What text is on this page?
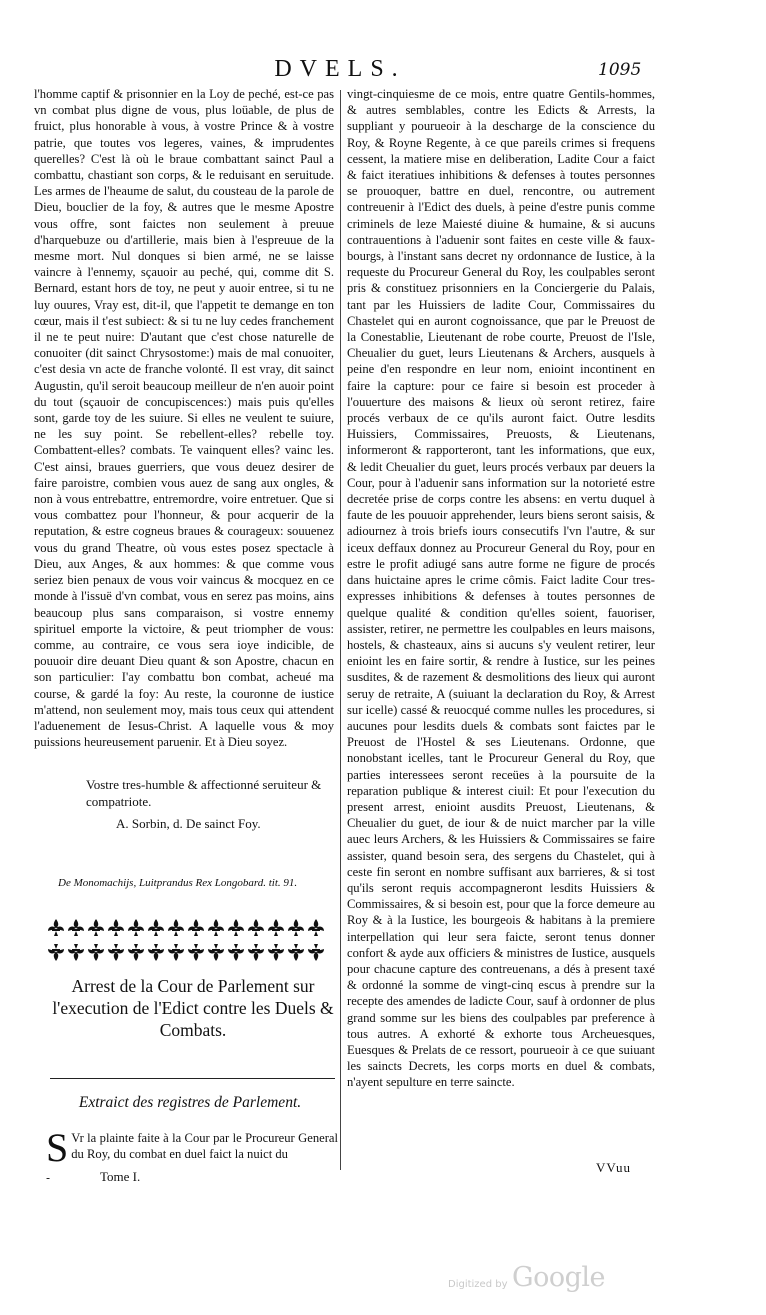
DVELS.	1095

l'homme captif & prisonnier en la Loy de peché, est-ce pas vn combat plus digne de vous, plus loüable, de plus de fruict, plus honorable à vous, à vostre Prince & à vostre patrie, que toutes vos legeres, vaines, & imprudentes querelles? C'est là où le braue combattant sainct Paul a combattu, chastiant son corps, & le reduisant en seruitude. Les armes de l'heaume de salut, du cousteau de la parole de Dieu, bouclier de la foy, & autres que le mesme Apostre vous offre, sont faictes non seulement à preuue d'harquebuze ou d'artillerie, mais bien à l'espreuue de la mesme mort. Nul donques si bien armé, ne se laisse vaincre à l'ennemy, sçauoir au peché, qui, comme dit S. Bernard, estant hors de toy, ne peut y auoir entree, si tu ne luy ouures, Vray est, dit-il, que l'appetit te demange en ton cœur, mais il t'est subiect: & si tu ne luy cedes franchement il ne te peut nuire: D'autant que c'est chose naturelle de conuoiter (dit sainct Chrysostome:) mais de mal conuoiter, c'est desia vn acte de franche volonté. Il est vray, dit sainct Augustin, qu'il seroit beaucoup meilleur de n'en auoir point du tout (sçauoir de concupiscences:) mais puis qu'elles sont, garde toy de les suiure. Si elles ne veulent te suiure, ne les suy point. Se rebellent-elles? rebelle toy. Combattent-elles? combats. Te vainquent elles? vainc les. C'est ainsi, braues guerriers, que vous deuez desirer de faire paroistre, combien vous auez de sang aux ongles, & non à vous entrebattre, entremordre, voire entretuer. Que si vous combattez pour l'honneur, & pour acquerir de la reputation, & estre cogneus braues & courageux: souuenez vous du grand Theatre, où vous estes posez spectacle à Dieu, aux Anges, & aux hommes: & que comme vous seriez bien penaux de vous voir vaincus & mocquez en ce monde à l'issuë d'vn combat, vous en serez pas moins, ains beaucoup plus sans comparaison, si vostre ennemy spirituel emporte la victoire, & peut triompher de vous: comme, au contraire, ce vous sera ioye indicible, de pouuoir dire deuant Dieu quant & son Apostre, chacun en son particulier: I'ay combattu bon combat, acheué ma course, & gardé la foy: Au reste, la couronne de iustice m'attend, non seulement moy, mais tous ceux qui attendent l'aduenement de Iesus-Christ. A laquelle vous & moy puissions heureusement paruenir. Et à Dieu soyez.

Vostre tres-humble & affectionné seruiteur & compatriote.
A. Sorbin, d. De sainct Foy.
De Monomachijs, Luitprandus Rex Longobard. tit. 91.
Arrest de la Cour de Parlement sur l'execution de l'Edict contre les Duels & Combats.
Extraict des registres de Parlement.
S Vr la plainte faite à la Cour par le Procureur General du Roy, du combat en duel faict la nuict du
-	Tome I.

vingt-cinquiesme de ce mois, entre quatre Gentils-hommes, & autres semblables, contre les Edicts & Arrests, la suppliant y pourueoir à la descharge de la conscience du Roy, & Royne Regente, à ce que pareils crimes si frequens cessent, la matiere mise en deliberation, Ladite Cour a faict & faict iteratiues inhibitions & defenses à toutes personnes se prouoquer, battre en duel, rencontre, ou autrement contreuenir à l'Edict des duels, à peine d'estre punis comme criminels de leze Maiesté diuine & humaine, & si aucuns contrauentions à l'aduenir sont faites en ceste ville & faux-bourgs, à l'instant sans decret ny ordonnance de Iustice, à la requeste du Procureur General du Roy, les coulpables seront pris & constituez prisonniers en la Conciergerie du Palais, tant par les Huissiers de ladite Cour, Commissaires du Chastelet qui en auront cognoissance, que par le Preuost de la Conestablie, Lieutenant de robe courte, Preuost de l'Isle, Cheualier du guet, leurs Lieutenans & Archers, ausquels à peine d'en respondre en leur nom, enioint incontinent en faire la capture: pour ce faire si besoin est proceder à l'ouuerture des maisons & lieux où seront retirez, faire procés verbaux de ce qu'ils auront faict. Outre lesdits Huissiers, Commissaires, Preuosts, & Lieutenans, informeront & rapporteront, tant les informations, que eux, & ledit Cheualier du guet, leurs procés verbaux par deuers la Cour, pour à l'aduenir sans information sur la notorieté estre decretée prise de corps contre les absens: en vertu duquel à faute de les pouuoir apprehender, leurs biens seront saisis, & adiournez à trois briefs iours consecutifs l'vn l'autre, & sur iceux deffaux donnez au Procureur General du Roy, pour en estre le profit adiugé sans autre forme ne figure de procés dans huictaine apres le crime cômis. Faict ladite Cour tres-expresses inhibitions & defenses à toutes personnes de quelque qualité & condition qu'elles soient, fauoriser, assister, retirer, ne permettre les coulpables en leurs maisons, hostels, & chasteaux, ains si aucuns s'y veulent retirer, leur enioint les en faire sortir, & rendre à Iustice, sur les peines susdites, & de razement & desmolitions des lieux qui auront seruy de retraite, A (suiuant la declaration du Roy, & Arrest sur icelle) cassé & reuocqué comme nulles les procedures, si aucunes pour lesdits duels & combats sont faictes par le Preuost de l'Hostel & ses Lieutenans. Ordonne, que nonobstant icelles, tant le Procureur General du Roy, que parties interessees seront receües à la poursuite de la reparation publique & interest ciuil: Et pour l'execution du present arrest, enioint ausdits Preuost, Lieutenans, & Cheualier du guet, de iour & de nuict marcher par la ville auec leurs Archers, & les Huissiers & Commissaires se faire assister, quand besoin sera, des sergens du Chastelet, qui à ceste fin seront en nombre suffisant aux barrieres, & si tost qu'ils seront requis accompagneront lesdits Huissiers & Commissaires, & si besoin est, pour que la force demeure au Roy & à la Iustice, les bourgeois & habitans à la premiere interpellation qui leur sera faicte, seront tenus donner confort & ayde aux officiers & ministres de Iustice, ausquels pour chacune capture des contreuenans, a dés à present taxé & ordonné la somme de vingt-cinq escus à prendre sur la recepte des amendes de ladicte Cour, sauf à ordonner de plus grand somme sur les biens des coulpables par preference à tous autres. A exhorté & exhorte tous Archeuesques, Euesques & Prelats de ce ressort, pourueoir à ce que suiuant les saincts Decrets, les corps morts en duel & combats, n'ayent sepulture en terre saincte.

VVuu
Digitized by Google
